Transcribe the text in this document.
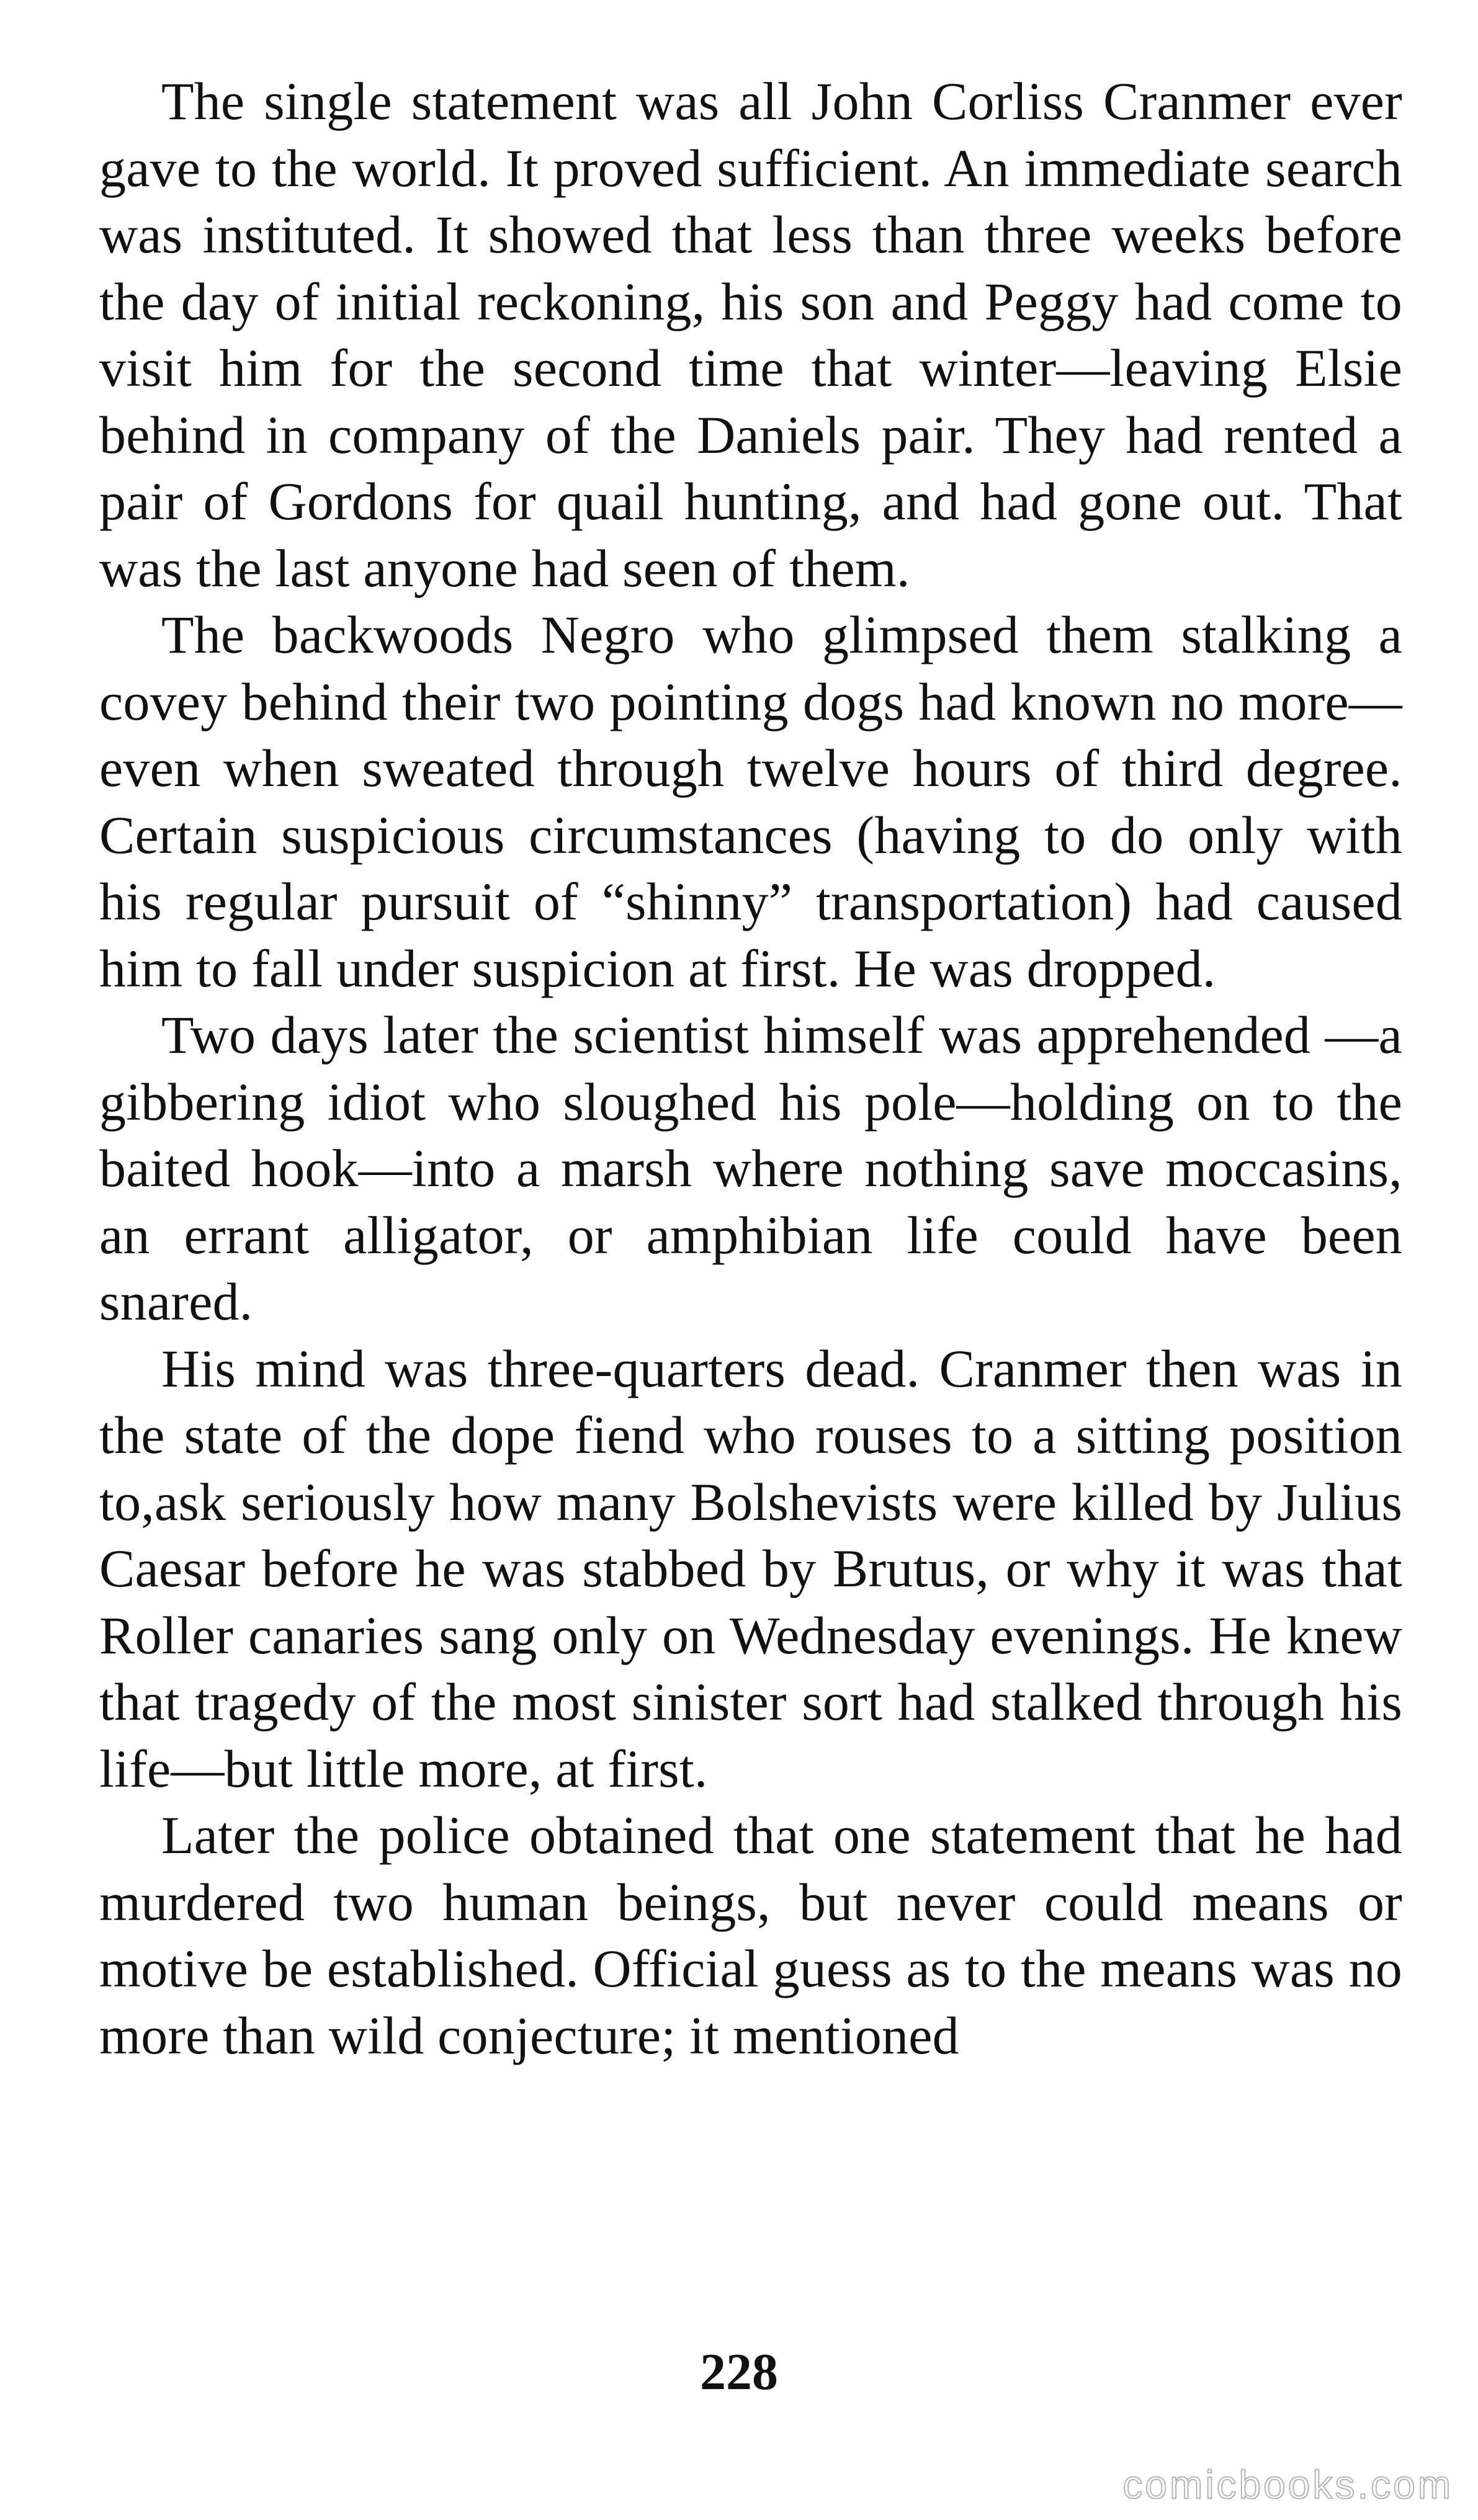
The single statement was all John Corliss Cranmer ever gave to the world. It proved sufficient. An immediate search was instituted. It showed that less than three weeks before the day of initial reckoning, his son and Peggy had come to visit him for the second time that winter—leaving Elsie behind in company of the Daniels pair. They had rented a pair of Gordons for quail hunting, and had gone out. That was the last anyone had seen of them.

The backwoods Negro who glimpsed them stalking a covey behind their two pointing dogs had known no more—even when sweated through twelve hours of third degree. Certain suspicious circumstances (having to do only with his regular pursuit of “shinny” transportation) had caused him to fall under suspicion at first. He was dropped.

Two days later the scientist himself was apprehended —a gibbering idiot who sloughed his pole—holding on to the baited hook—into a marsh where nothing save moccasins, an errant alligator, or amphibian life could have been snared.

His mind was three-quarters dead. Cranmer then was in the state of the dope fiend who rouses to a sitting position to,ask seriously how many Bolshevists were killed by Julius Caesar before he was stabbed by Brutus, or why it was that Roller canaries sang only on Wednesday evenings. He knew that tragedy of the most sinister sort had stalked through his life—but little more, at first.

Later the police obtained that one statement that he had murdered two human beings, but never could means or motive be established. Official guess as to the means was no more than wild conjecture; it mentioned

228
comicbooks.com
